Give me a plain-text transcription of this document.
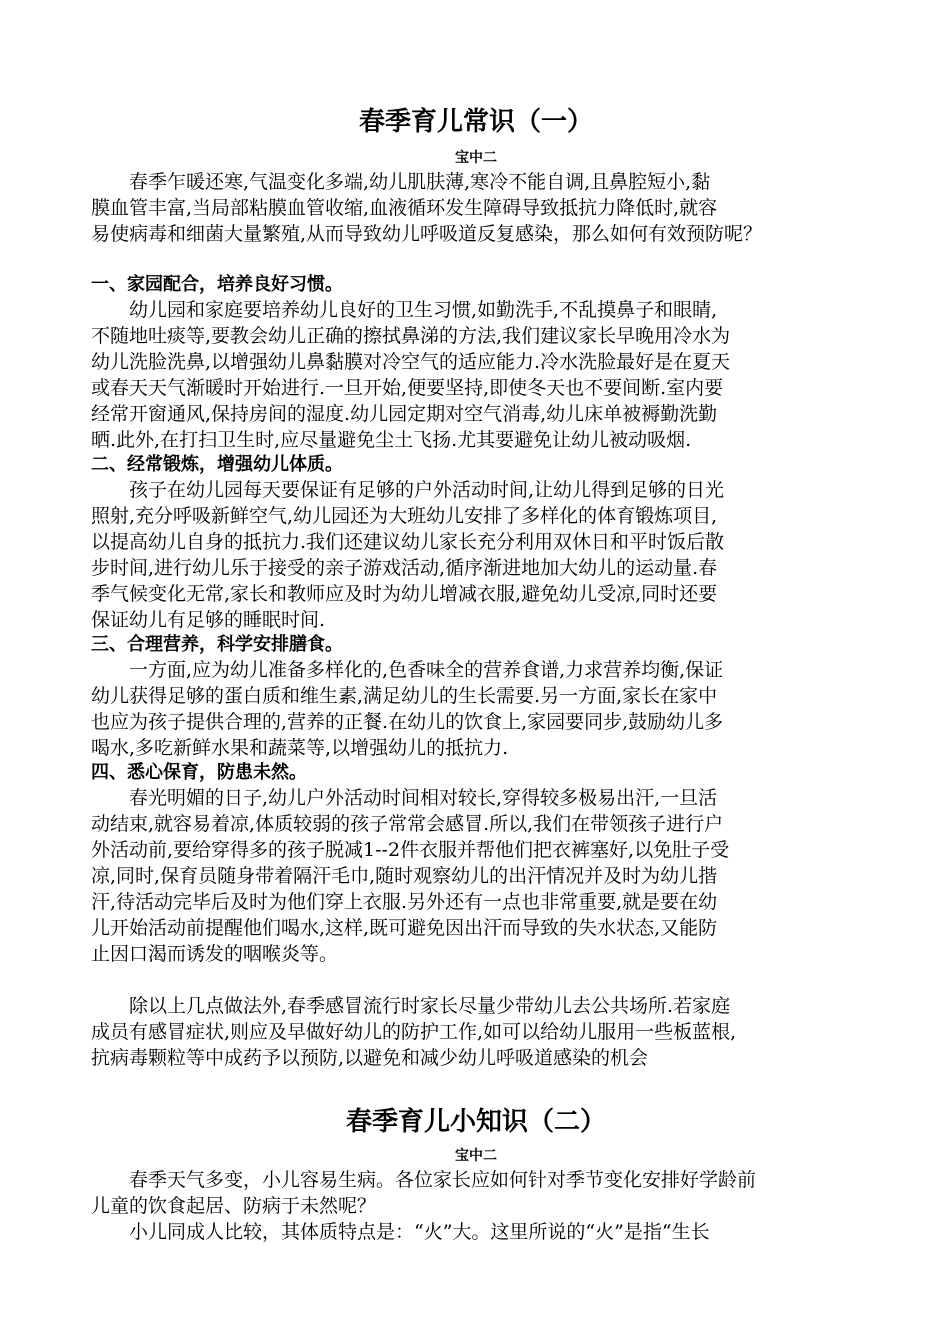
春季育儿常识（一）

宝中二

春季乍暖还寒,气温变化多端,幼儿肌肤薄,寒冷不能自调,且鼻腔短小,黏
膜血管丰富,当局部粘膜血管收缩,血液循环发生障碍导致抵抗力降低时,就容
易使病毒和细菌大量繁殖,从而导致幼儿呼吸道反复感染，那么如何有效预防呢？

一、家园配合，培养良好习惯。

幼儿园和家庭要培养幼儿良好的卫生习惯,如勤洗手,不乱摸鼻子和眼睛,
不随地吐痰等,要教会幼儿正确的擦拭鼻涕的方法,我们建议家长早晚用冷水为
幼儿洗脸洗鼻,以增强幼儿鼻黏膜对冷空气的适应能力.冷水洗脸最好是在夏天
或春天天气渐暖时开始进行.一旦开始,便要坚持,即使冬天也不要间断.室内要
经常开窗通风,保持房间的湿度.幼儿园定期对空气消毒,幼儿床单被褥勤洗勤
晒.此外,在打扫卫生时,应尽量避免尘土飞扬.尤其要避免让幼儿被动吸烟.

二、经常锻炼，增强幼儿体质。

孩子在幼儿园每天要保证有足够的户外活动时间,让幼儿得到足够的日光
照射,充分呼吸新鲜空气,幼儿园还为大班幼儿安排了多样化的体育锻炼项目,
以提高幼儿自身的抵抗力.我们还建议幼儿家长充分利用双休日和平时饭后散
步时间,进行幼儿乐于接受的亲子游戏活动,循序渐进地加大幼儿的运动量.春
季气候变化无常,家长和教师应及时为幼儿增减衣服,避免幼儿受凉,同时还要
保证幼儿有足够的睡眠时间.

三、合理营养，科学安排膳食。

一方面,应为幼儿准备多样化的,色香味全的营养食谱,力求营养均衡,保证
幼儿获得足够的蛋白质和维生素,满足幼儿的生长需要.另一方面,家长在家中
也应为孩子提供合理的,营养的正餐.在幼儿的饮食上,家园要同步,鼓励幼儿多
喝水,多吃新鲜水果和蔬菜等,以增强幼儿的抵抗力.

四、悉心保育，防患未然。

春光明媚的日子,幼儿户外活动时间相对较长,穿得较多极易出汗,一旦活
动结束,就容易着凉,体质较弱的孩子常常会感冒.所以,我们在带领孩子进行户
外活动前,要给穿得多的孩子脱减1--2件衣服并帮他们把衣裤塞好,以免肚子受
凉,同时,保育员随身带着隔汗毛巾,随时观察幼儿的出汗情况并及时为幼儿揩
汗,待活动完毕后及时为他们穿上衣服.另外还有一点也非常重要,就是要在幼
儿开始活动前提醒他们喝水,这样,既可避免因出汗而导致的失水状态,又能防
止因口渴而诱发的咽喉炎等。
除以上几点做法外,春季感冒流行时家长尽量少带幼儿去公共场所.若家庭
成员有感冒症状,则应及早做好幼儿的防护工作,如可以给幼儿服用一些板蓝根,
抗病毒颗粒等中成药予以预防,以避免和减少幼儿呼吸道感染的机会
春季育儿小知识（二）

宝中二

春季天气多变，小儿容易生病。各位家长应如何针对季节变化安排好学龄前
儿童的饮食起居、防病于未然呢？
小儿同成人比较，其体质特点是：“火”大。这里所说的“火”是指“生长
